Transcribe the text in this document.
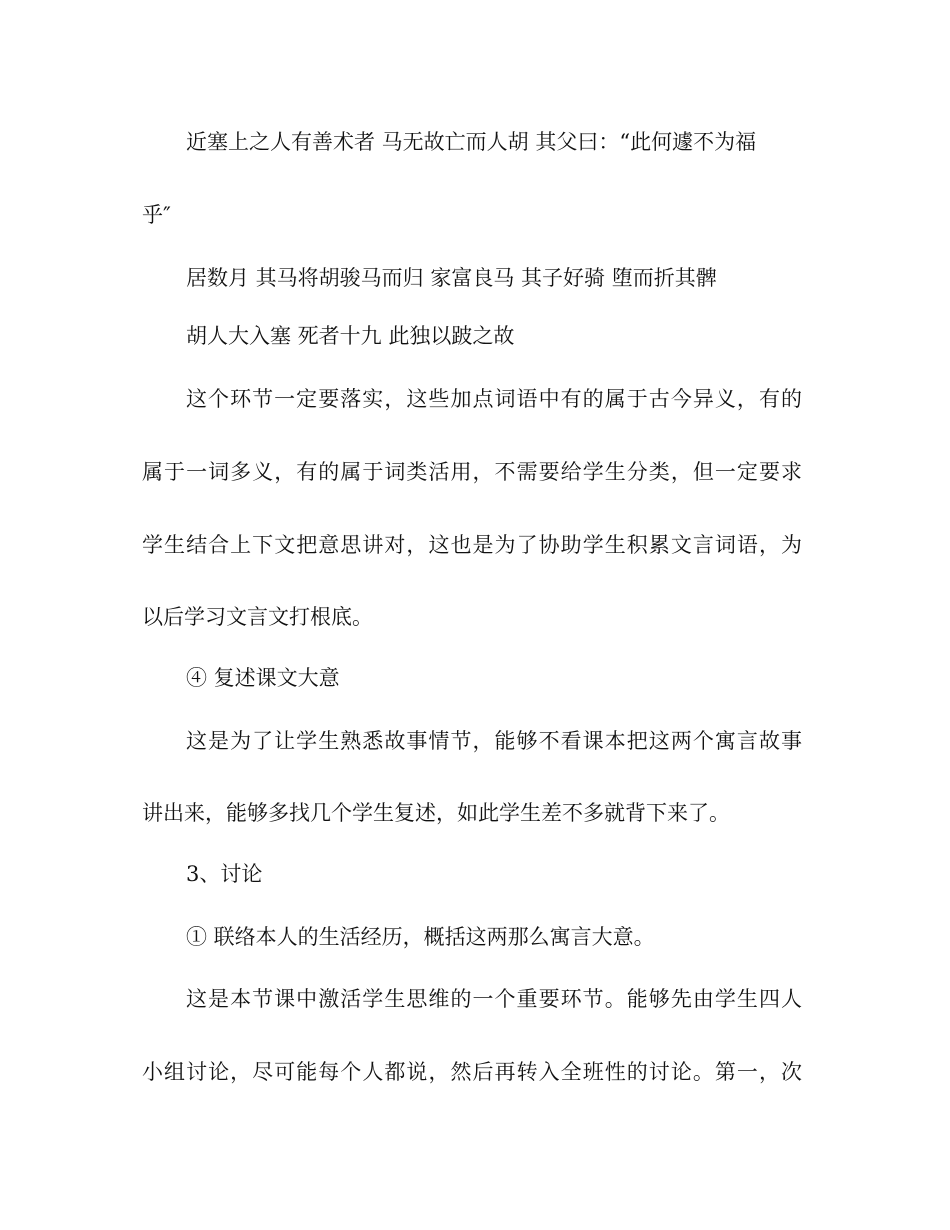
近塞上之人有善术者 马无故亡而人胡 其父曰：“此何遽不为福
乎″
居数月 其马将胡骏马而归 家富良马 其子好骑 堕而折其髀
胡人大入塞 死者十九 此独以跛之故
这个环节一定要落实，这些加点词语中有的属于古今异义，有的
属于一词多义，有的属于词类活用，不需要给学生分类，但一定要求
学生结合上下文把意思讲对，这也是为了协助学生积累文言词语，为
以后学习文言文打根底。
④ 复述课文大意
这是为了让学生熟悉故事情节，能够不看课本把这两个寓言故事
讲出来，能够多找几个学生复述，如此学生差不多就背下来了。
3、讨论
① 联络本人的生活经历，概括这两那么寓言大意。
这是本节课中激活学生思维的一个重要环节。能够先由学生四人
小组讨论，尽可能每个人都说，然后再转入全班性的讨论。第一，次
